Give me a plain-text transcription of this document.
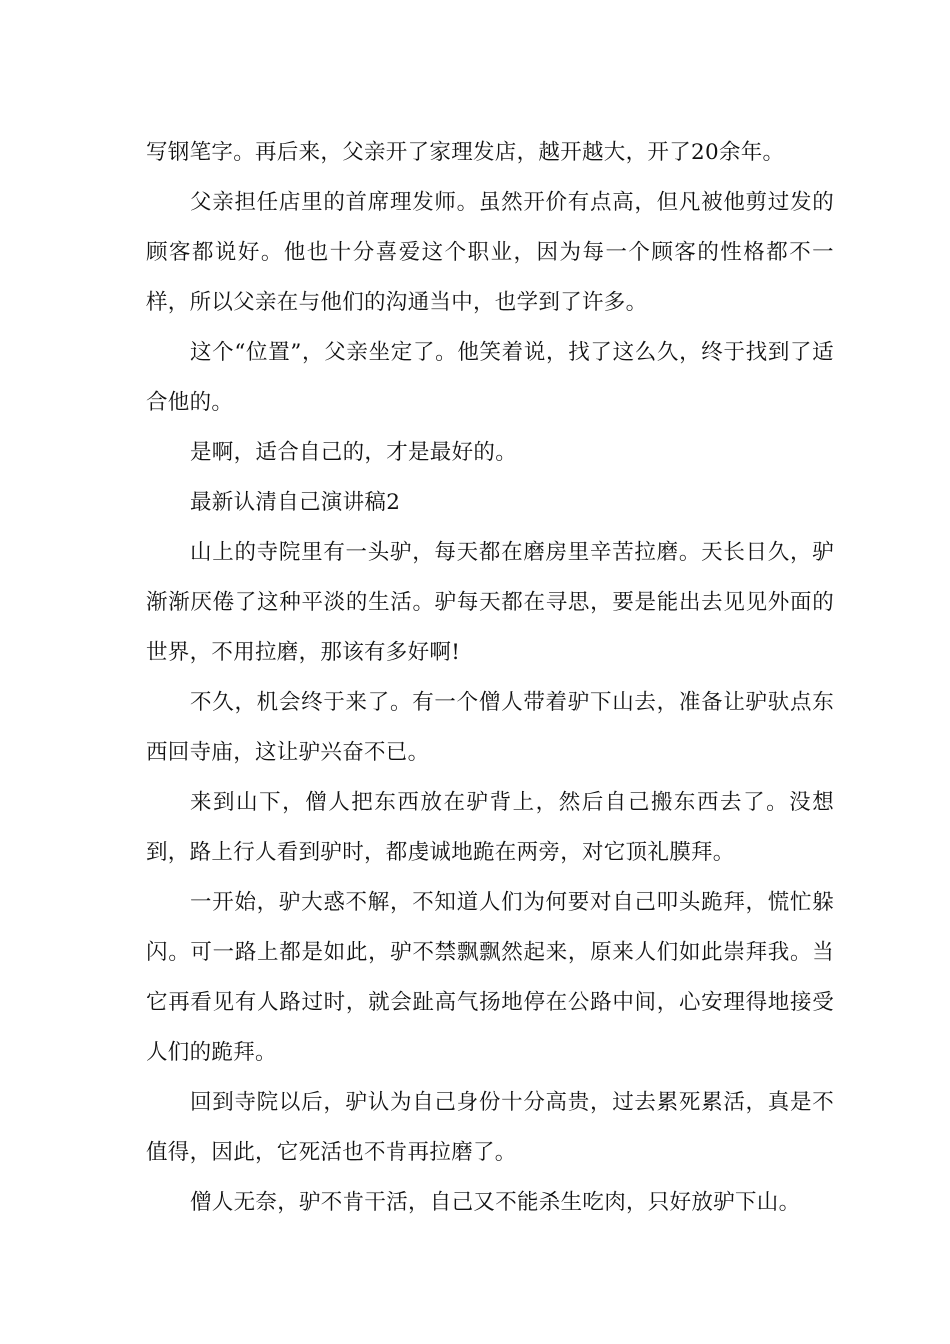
写钢笔字。再后来，父亲开了家理发店，越开越大，开了20余年。

父亲担任店里的首席理发师。虽然开价有点高，但凡被他剪过发的顾客都说好。他也十分喜爱这个职业，因为每一个顾客的性格都不一样，所以父亲在与他们的沟通当中，也学到了许多。

这个“位置”，父亲坐定了。他笑着说，找了这么久，终于找到了适合他的。

是啊，适合自己的，才是最好的。

最新认清自己演讲稿2

山上的寺院里有一头驴，每天都在磨房里辛苦拉磨。天长日久，驴渐渐厌倦了这种平淡的生活。驴每天都在寻思，要是能出去见见外面的世界，不用拉磨，那该有多好啊!

不久，机会终于来了。有一个僧人带着驴下山去，准备让驴驮点东西回寺庙，这让驴兴奋不已。

来到山下，僧人把东西放在驴背上，然后自己搬东西去了。没想到，路上行人看到驴时，都虔诚地跪在两旁，对它顶礼膜拜。

一开始，驴大惑不解，不知道人们为何要对自己叩头跪拜，慌忙躲闪。可一路上都是如此，驴不禁飘飘然起来，原来人们如此崇拜我。当它再看见有人路过时，就会趾高气扬地停在公路中间，心安理得地接受人们的跪拜。

回到寺院以后，驴认为自己身份十分高贵，过去累死累活，真是不值得，因此，它死活也不肯再拉磨了。

僧人无奈，驴不肯干活，自己又不能杀生吃肉，只好放驴下山。
